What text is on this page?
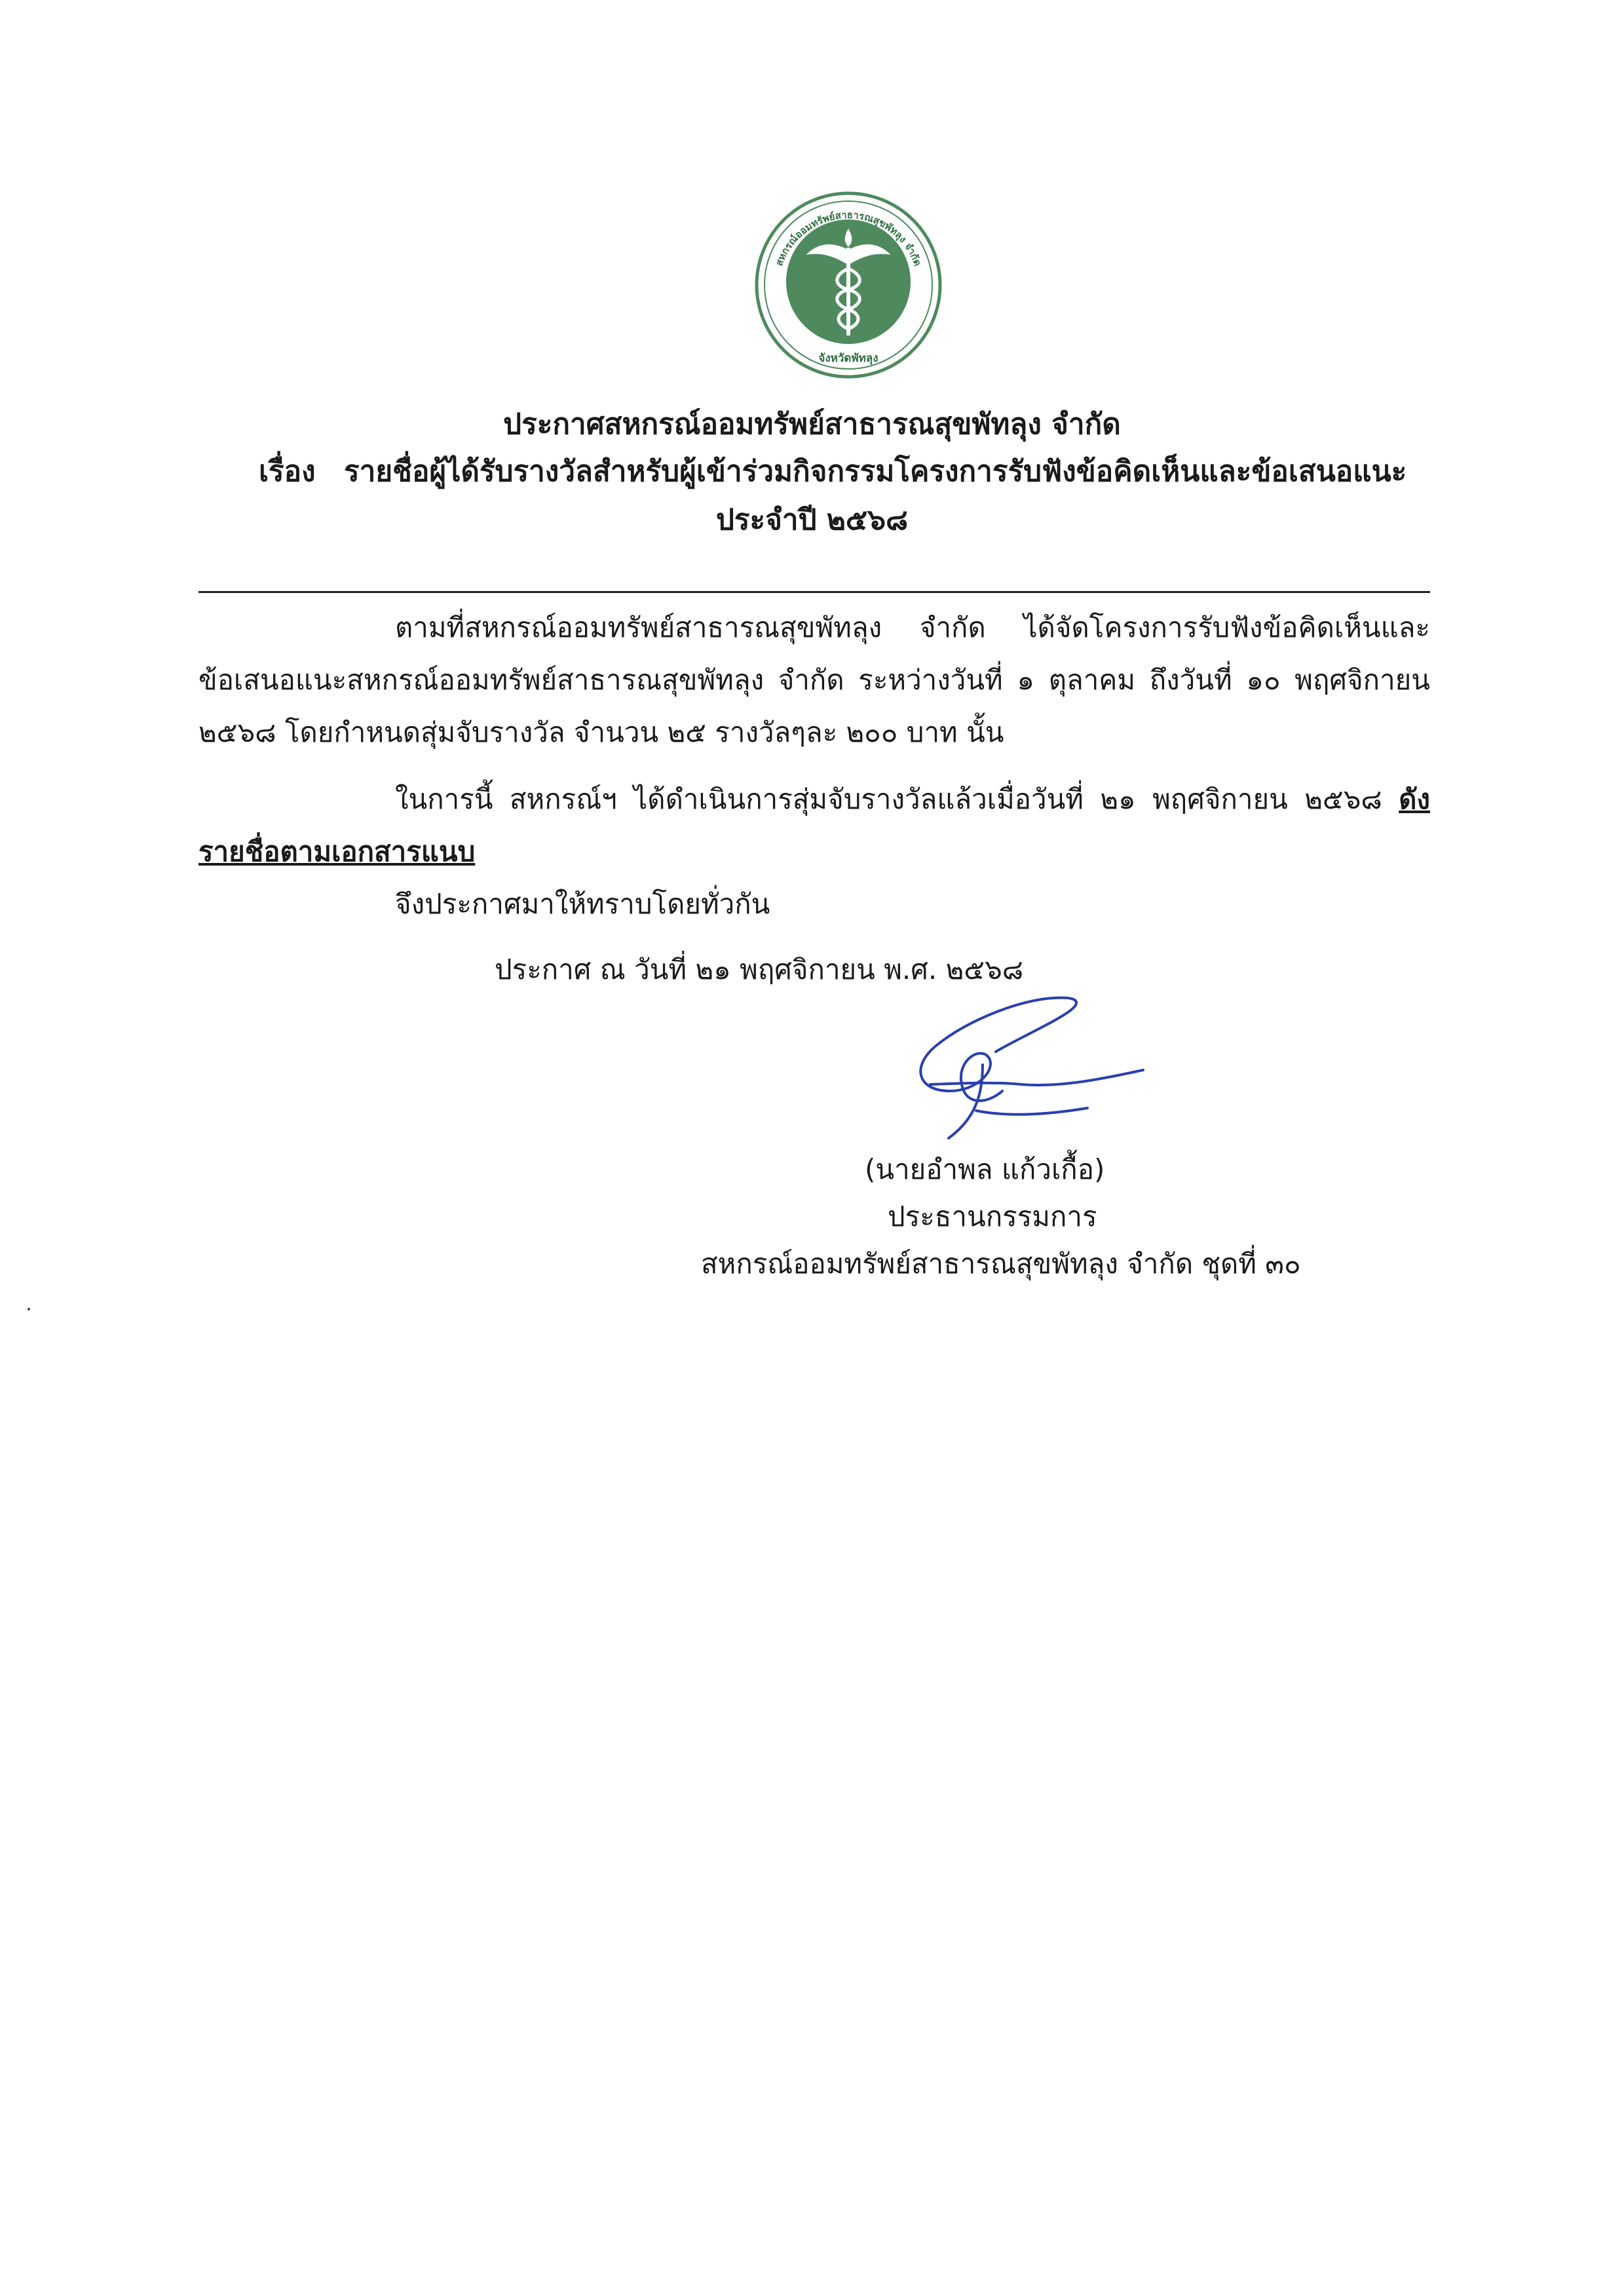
สหกรณ์ออมทรัพย์สาธารณสุขพัทลุง จำกัด
จังหวัดพัทลุง
ประกาศสหกรณ์ออมทรัพย์สาธารณสุขพัทลุง จำกัด
เรื่อง รายชื่อผู้ได้รับรางวัลสำหรับผู้เข้าร่วมกิจกรรมโครงการรับฟังข้อคิดเห็นและข้อเสนอแนะ
ประจำปี ๒๕๖๘
ตามที่สหกรณ์ออมทรัพย์สาธารณสุขพัทลุง จำกัด ได้จัดโครงการรับฟังข้อคิดเห็นและ
ข้อเสนอแนะสหกรณ์ออมทรัพย์สาธารณสุขพัทลุง จำกัด ระหว่างวันที่ ๑ ตุลาคม ถึงวันที่ ๑๐ พฤศจิกายน
๒๕๖๘ โดยกำหนดสุ่มจับรางวัล จำนวน ๒๕ รางวัลๆละ ๒๐๐ บาท นั้น
ในการนี้ สหกรณ์ฯ ได้ดำเนินการสุ่มจับรางวัลแล้วเมื่อวันที่ ๒๑ พฤศจิกายน ๒๕๖๘ ดัง
รายชื่อตามเอกสารแนบ
จึงประกาศมาให้ทราบโดยทั่วกัน
ประกาศ ณ วันที่ ๒๑ พฤศจิกายน พ.ศ. ๒๕๖๘
(นายอำพล แก้วเกื้อ)
ประธานกรรมการ
สหกรณ์ออมทรัพย์สาธารณสุขพัทลุง จำกัด ชุดที่ ๓๐
